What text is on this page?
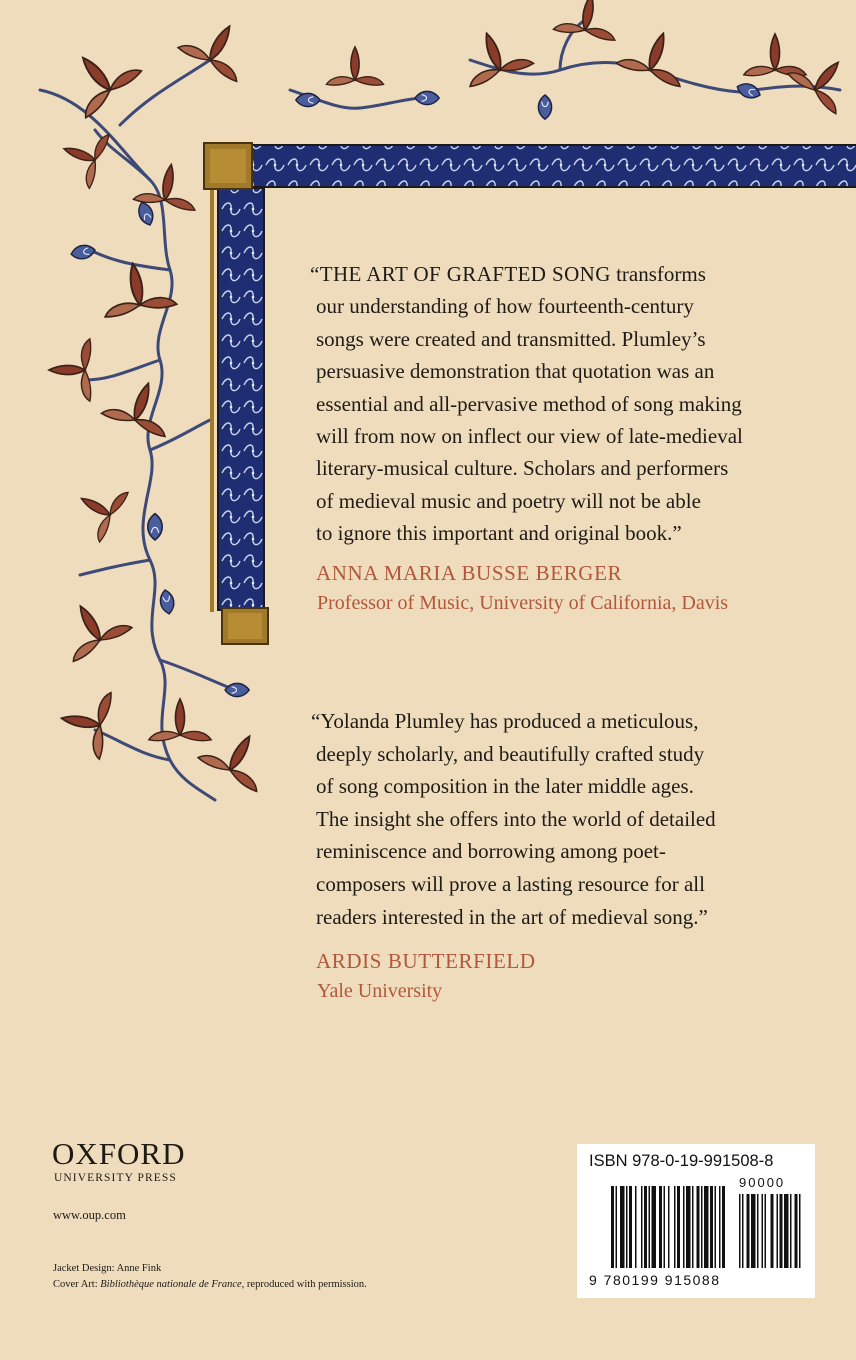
“THE ART OF GRAFTED SONG transforms
our understanding of how fourteenth-century
songs were created and transmitted. Plumley’s
persuasive demonstration that quotation was an
essential and all-pervasive method of song making
will from now on inflect our view of late-medieval
literary-musical culture. Scholars and performers
of medieval music and poetry will not be able
to ignore this important and original book.”
ANNA MARIA BUSSE BERGER
Professor of Music, University of California, Davis
“Yolanda Plumley has produced a meticulous,
deeply scholarly, and beautifully crafted study
of song composition in the later middle ages.
The insight she offers into the world of detailed
reminiscence and borrowing among poet-
composers will prove a lasting resource for all
readers interested in the art of medieval song.”
ARDIS BUTTERFIELD
Yale University
OXFORD
UNIVERSITY PRESS
www.oup.com
Jacket Design: Anne Fink
Cover Art: Bibliothèque nationale de France, reproduced with permission.
ISBN 978-0-19-991508-8
9 780199 915088
90000
